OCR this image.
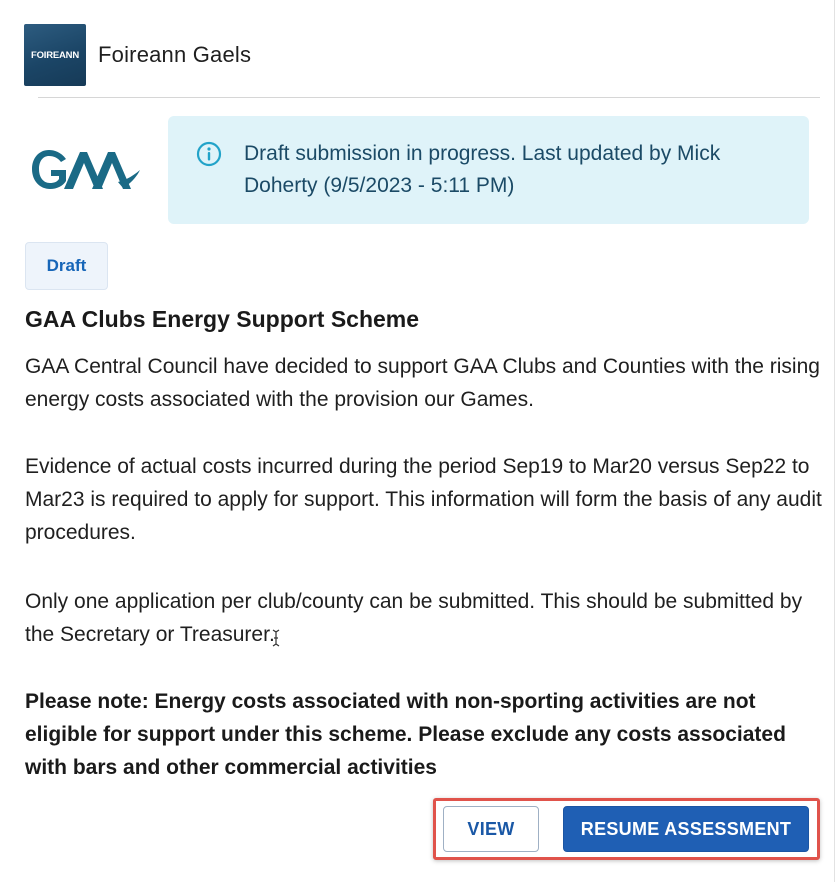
FOIREANN Foireann Gaels
Draft submission in progress. Last updated by Mick Doherty (9/5/2023 - 5:11 PM)
Draft
GAA Clubs Energy Support Scheme

GAA Central Council have decided to support GAA Clubs and Counties with the rising energy costs associated with the provision our Games.

Evidence of actual costs incurred during the period Sep19 to Mar20 versus Sep22 to Mar23 is required to apply for support. This information will form the basis of any audit procedures.

Only one application per club/county can be submitted. This should be submitted by the Secretary or Treasurer.

Please note: Energy costs associated with non-sporting activities are not eligible for support under this scheme. Please exclude any costs associated with bars and other commercial activities

VIEW	RESUME ASSESSMENT
